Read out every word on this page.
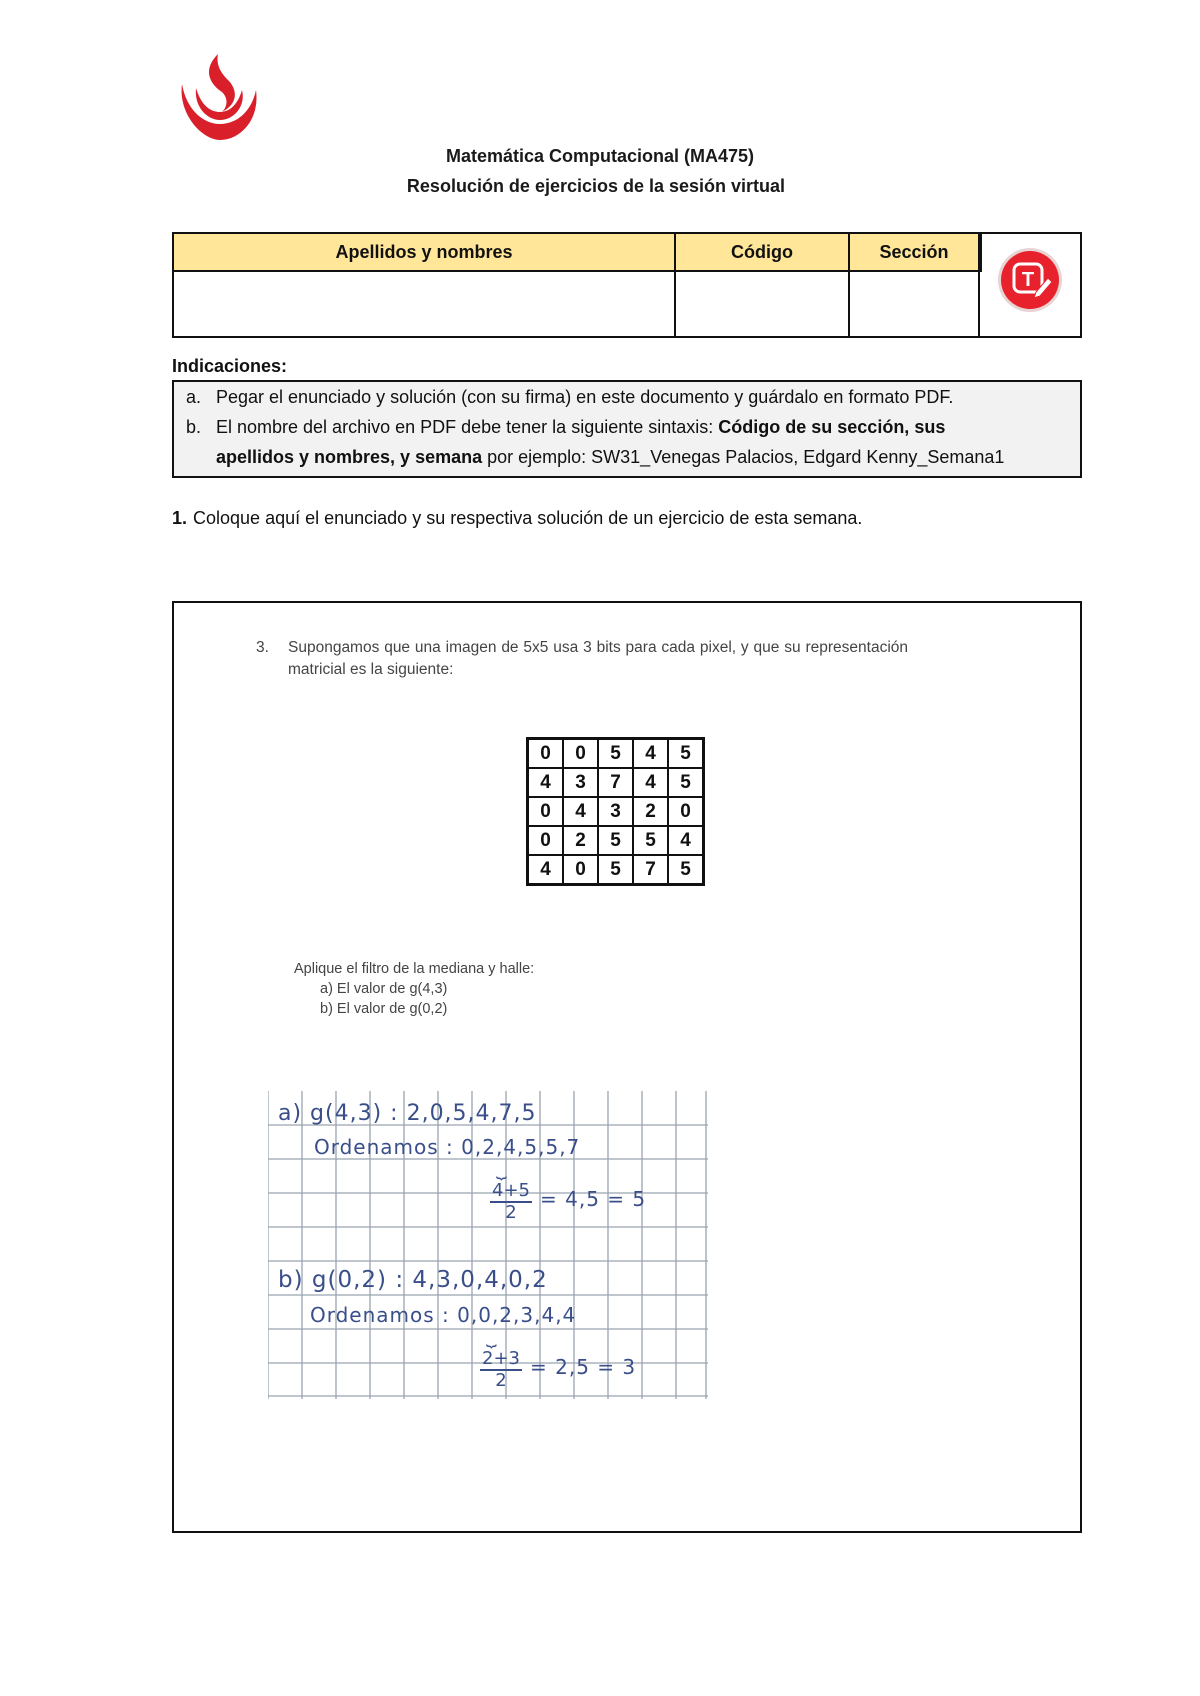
Matemática Computacional (MA475)
Resolución de ejercicios de la sesión virtual
Apellidos y nombres	Código	Sección
T
Indicaciones:
a. Pegar el enunciado y solución (con su firma) en este documento y guárdalo en formato PDF.
b. El nombre del archivo en PDF debe tener la siguiente sintaxis: Código de su sección, sus
apellidos y nombres, y semana por ejemplo: SW31_Venegas Palacios, Edgard Kenny_Semana1
1. Coloque aquí el enunciado y su respectiva solución de un ejercicio de esta semana.
3. Supongamos que una imagen de 5x5 usa 3 bits para cada pixel, y que su representación
matricial es la siguiente:
0	0	5	4	5
4	3	7	4	5
0	4	3	2	0
0	2	5	5	4
4	0	5	7	5
Aplique el filtro de la mediana y halle:
a) El valor de g(4,3)
b) El valor de g(0,2)
a) g(4,3) : 2,0,5,4,7,5
Ordenamos : 0,2,4,5,5,7
⏟
$\frac{4+5}{2} = 4,5 = 5$
b) g(0,2) : 4,3,0,4,0,2
Ordenamos : 0,0,2,3,4,4
⏟
$\frac{2+3}{2} = 2,5 = 3$
